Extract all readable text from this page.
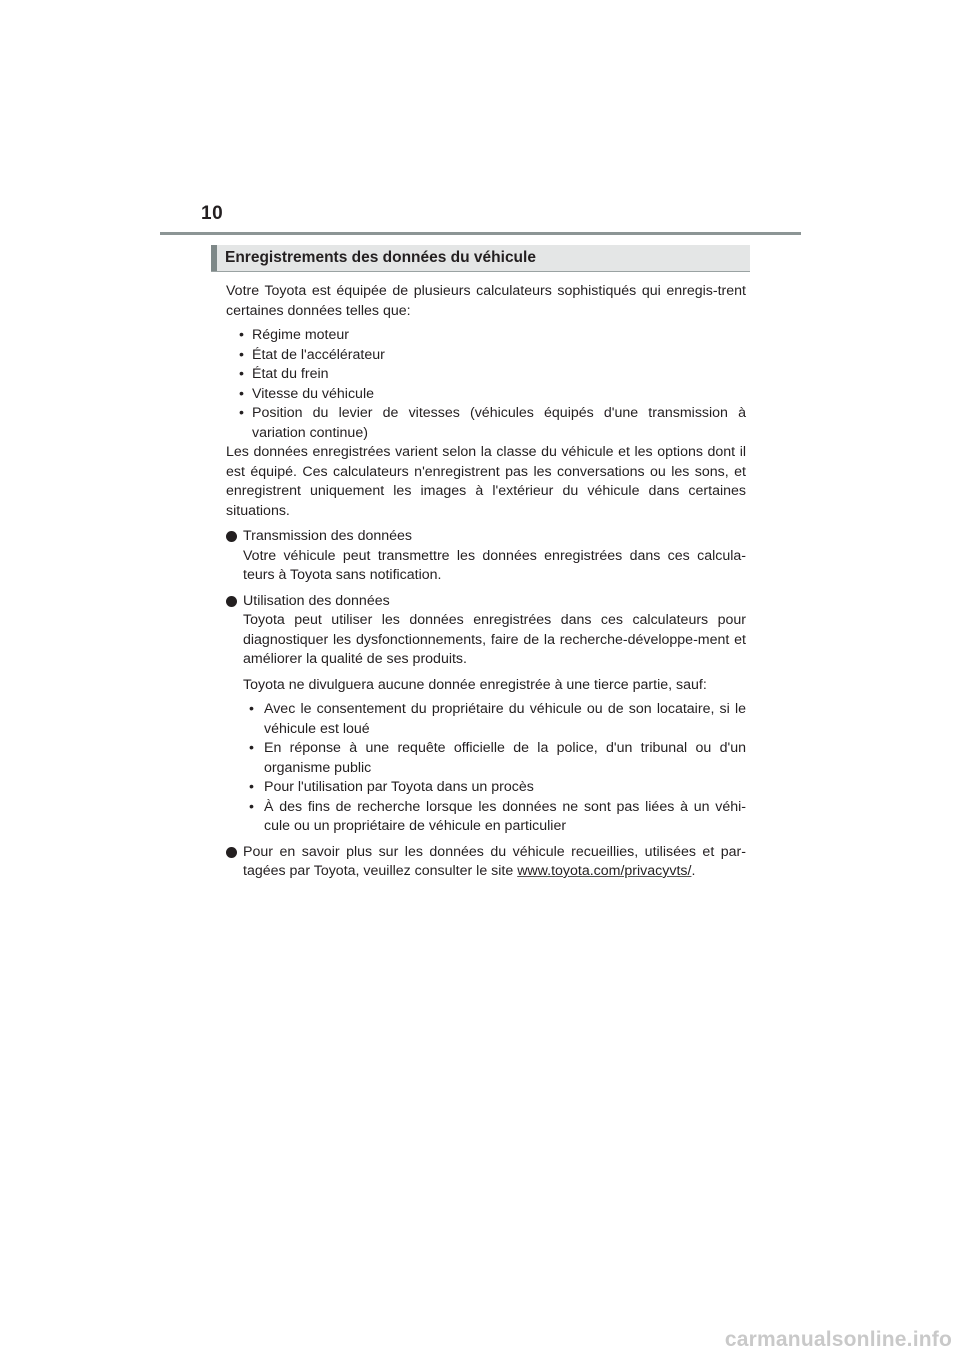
10
Enregistrements des données du véhicule

Votre Toyota est équipée de plusieurs calculateurs sophistiqués qui enregis-trent certaines données telles que:

• Régime moteur
• État de l'accélérateur
• État du frein
• Vitesse du véhicule
• Position du levier de vitesses (véhicules équipés d'une transmission à variation continue)

Les données enregistrées varient selon la classe du véhicule et les options dont il est équipé. Ces calculateurs n'enregistrent pas les conversations ou les sons, et enregistrent uniquement les images à l'extérieur du véhicule dans certaines situations.

Transmission des données

Votre véhicule peut transmettre les données enregistrées dans ces calcula-teurs à Toyota sans notification.

Utilisation des données

Toyota peut utiliser les données enregistrées dans ces calculateurs pour diagnostiquer les dysfonctionnements, faire de la recherche-développe-ment et améliorer la qualité de ses produits.

Toyota ne divulguera aucune donnée enregistrée à une tierce partie, sauf:

• Avec le consentement du propriétaire du véhicule ou de son locataire, si le véhicule est loué
• En réponse à une requête officielle de la police, d'un tribunal ou d'un organisme public
• Pour l'utilisation par Toyota dans un procès
• À des fins de recherche lorsque les données ne sont pas liées à un véhi-cule ou un propriétaire de véhicule en particulier

Pour en savoir plus sur les données du véhicule recueillies, utilisées et par-tagées par Toyota, veuillez consulter le site www.toyota.com/privacyvts/.

carmanualsonline.info
